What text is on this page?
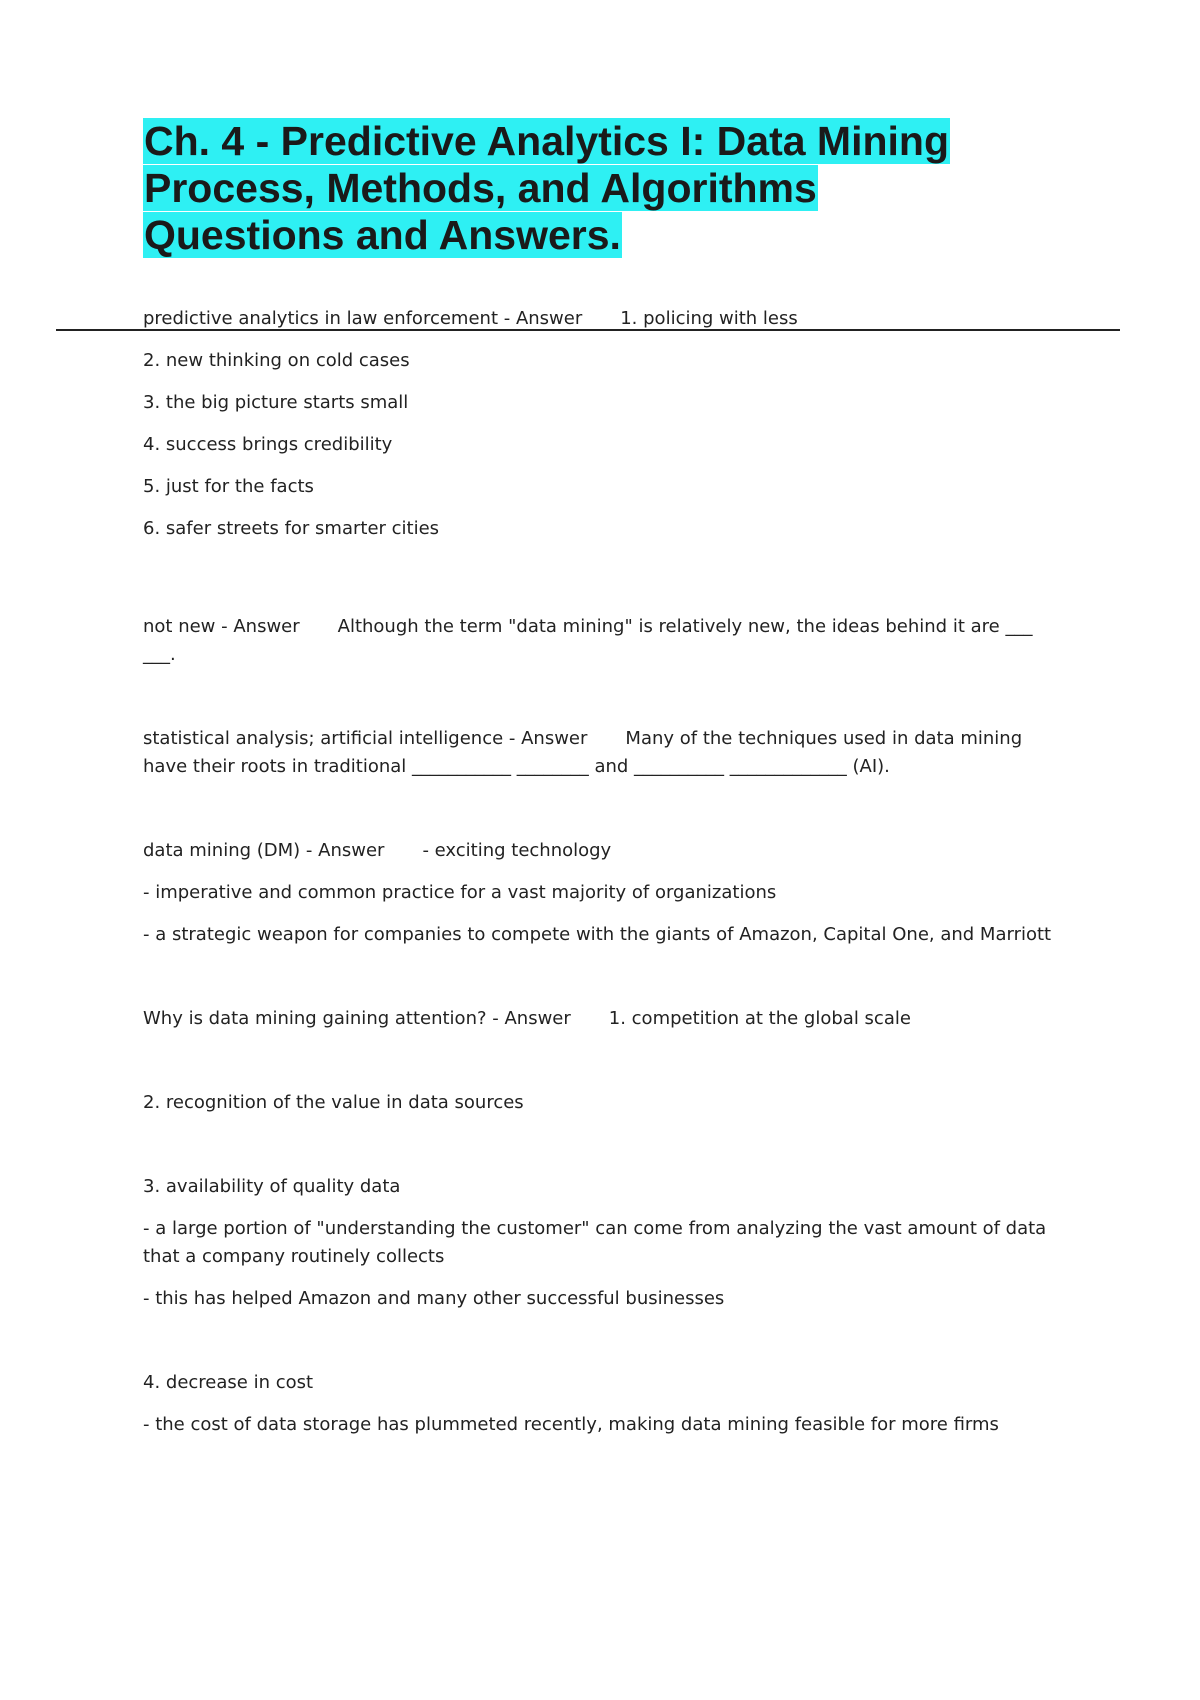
Ch. 4 - Predictive Analytics I: Data Mining Process, Methods, and Algorithms Questions and Answers.

predictive analytics in law enforcement - Answer 1. policing with less

2. new thinking on cold cases

3. the big picture starts small

4. success brings credibility

5. just for the facts

6. safer streets for smarter cities

not new - Answer Although the term "data mining" is relatively new, the ideas behind it are ___ ___.

statistical analysis; artificial intelligence - Answer Many of the techniques used in data mining have their roots in traditional ___________ ________ and __________ _____________ (AI).

data mining (DM) - Answer - exciting technology

- imperative and common practice for a vast majority of organizations

- a strategic weapon for companies to compete with the giants of Amazon, Capital One, and Marriott

Why is data mining gaining attention? - Answer 1. competition at the global scale

2. recognition of the value in data sources

3. availability of quality data

- a large portion of "understanding the customer" can come from analyzing the vast amount of data that a company routinely collects

- this has helped Amazon and many other successful businesses

4. decrease in cost

- the cost of data storage has plummeted recently, making data mining feasible for more firms
